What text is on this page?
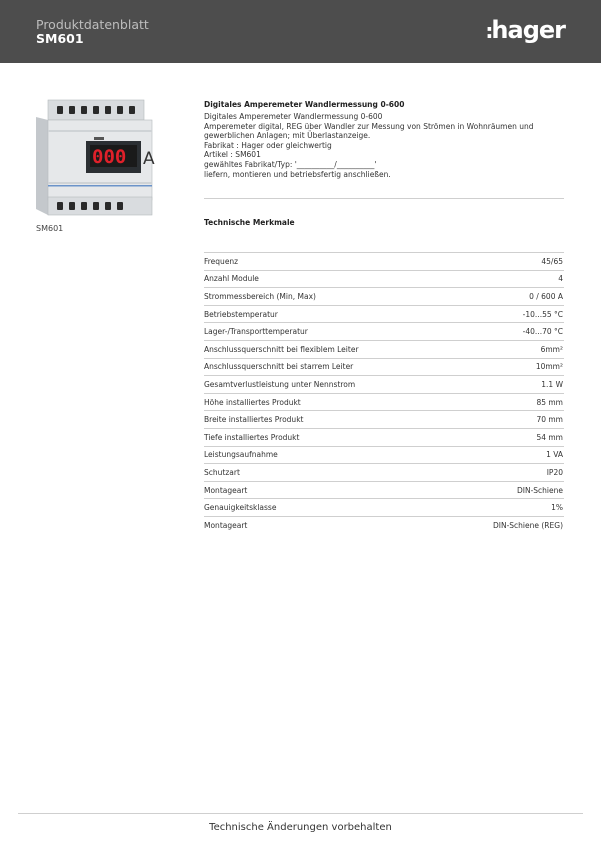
Produktdatenblatt
SM601	:hager
000 A
SM601
Digitales Amperemeter Wandlermessung 0-600
Digitales Amperemeter Wandlermessung 0-600
Amperemeter digital, REG über Wandler zur Messung von Strömen in Wohnräumen und
gewerblichen Anlagen; mit Überlastanzeige.
Fabrikat : Hager oder gleichwertig
Artikel : SM601
gewähltes Fabrikat/Typ: '__________/__________'
liefern, montieren und betriebsfertig anschließen.
Technische Merkmale
Frequenz	45/65
Anzahl Module	4
Strommessbereich (Min, Max)	0 / 600 A
Betriebstemperatur	-10...55 °C
Lager-/Transporttemperatur	-40...70 °C
Anschlussquerschnitt bei flexiblem Leiter	6mm²
Anschlussquerschnitt bei starrem Leiter	10mm²
Gesamtverlustleistung unter Nennstrom	1.1 W
Höhe installiertes Produkt	85 mm
Breite installiertes Produkt	70 mm
Tiefe installiertes Produkt	54 mm
Leistungsaufnahme	1 VA
Schutzart	IP20
Montageart	DIN-Schiene
Genauigkeitsklasse	1%
Montageart	DIN-Schiene (REG)
Technische Änderungen vorbehalten
